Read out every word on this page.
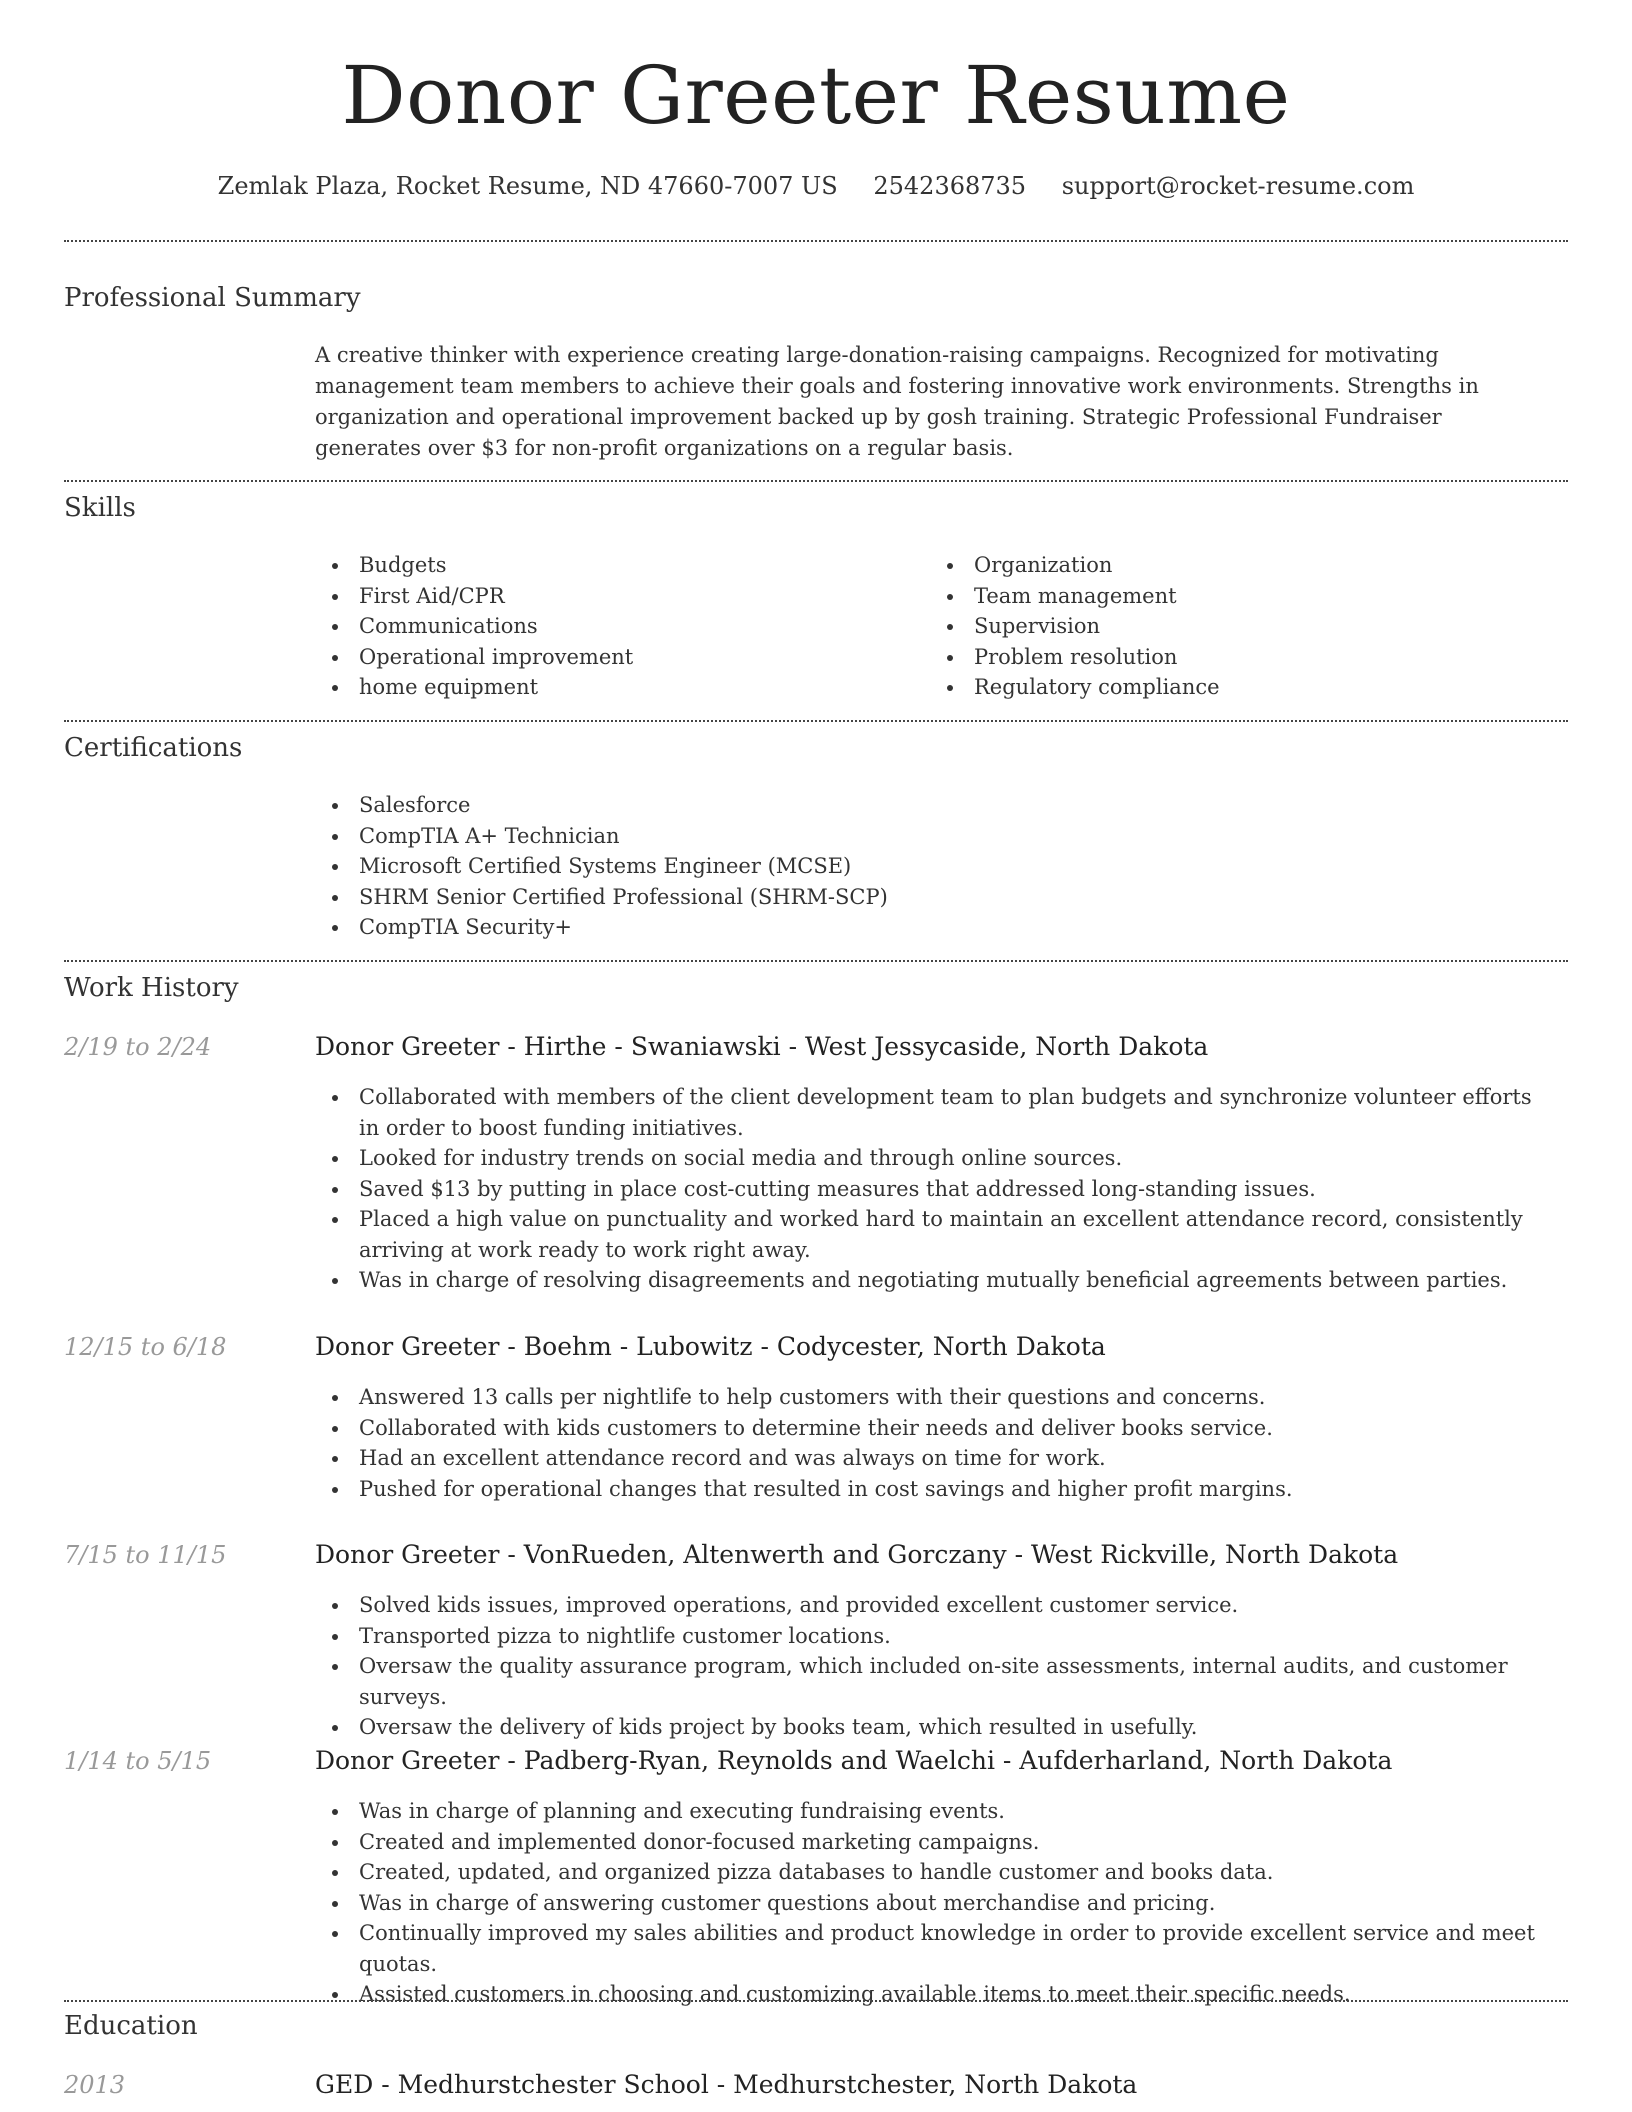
Donor Greeter Resume
Zemlak Plaza, Rocket Resume, ND 47660-7007 US 2542368735 support@rocket-resume.com
Professional Summary

A creative thinker with experience creating large-donation-raising campaigns. Recognized for motivating management team members to achieve their goals and fostering innovative work environments. Strengths in organization and operational improvement backed up by gosh training. Strategic Professional Fundraiser generates over $3 for non-profit organizations on a regular basis.

Skills
Budgets
First Aid/CPR
Communications
Operational improvement
home equipment
Organization
Team management
Supervision
Problem resolution
Regulatory compliance
Certifications
Salesforce
CompTIA A+ Technician
Microsoft Certified Systems Engineer (MCSE)
SHRM Senior Certified Professional (SHRM-SCP)
CompTIA Security+
Work History
2/19 to 2/24	Donor Greeter - Hirthe - Swaniawski - West Jessycaside, North Dakota
Collaborated with members of the client development team to plan budgets and synchronize volunteer efforts in order to boost funding initiatives.
Looked for industry trends on social media and through online sources.
Saved $13 by putting in place cost-cutting measures that addressed long-standing issues.
Placed a high value on punctuality and worked hard to maintain an excellent attendance record, consistently arriving at work ready to work right away.
Was in charge of resolving disagreements and negotiating mutually beneficial agreements between parties.
12/15 to 6/18	Donor Greeter - Boehm - Lubowitz - Codycester, North Dakota
Answered 13 calls per nightlife to help customers with their questions and concerns.
Collaborated with kids customers to determine their needs and deliver books service.
Had an excellent attendance record and was always on time for work.
Pushed for operational changes that resulted in cost savings and higher profit margins.
7/15 to 11/15	Donor Greeter - VonRueden, Altenwerth and Gorczany - West Rickville, North Dakota
Solved kids issues, improved operations, and provided excellent customer service.
Transported pizza to nightlife customer locations.
Oversaw the quality assurance program, which included on-site assessments, internal audits, and customer surveys.
Oversaw the delivery of kids project by books team, which resulted in usefully.
1/14 to 5/15	Donor Greeter - Padberg-Ryan, Reynolds and Waelchi - Aufderharland, North Dakota
Was in charge of planning and executing fundraising events.
Created and implemented donor-focused marketing campaigns.
Created, updated, and organized pizza databases to handle customer and books data.
Was in charge of answering customer questions about merchandise and pricing.
Continually improved my sales abilities and product knowledge in order to provide excellent service and meet quotas.
Assisted customers in choosing and customizing available items to meet their specific needs.
Education
2013	GED - Medhurstchester School - Medhurstchester, North Dakota
